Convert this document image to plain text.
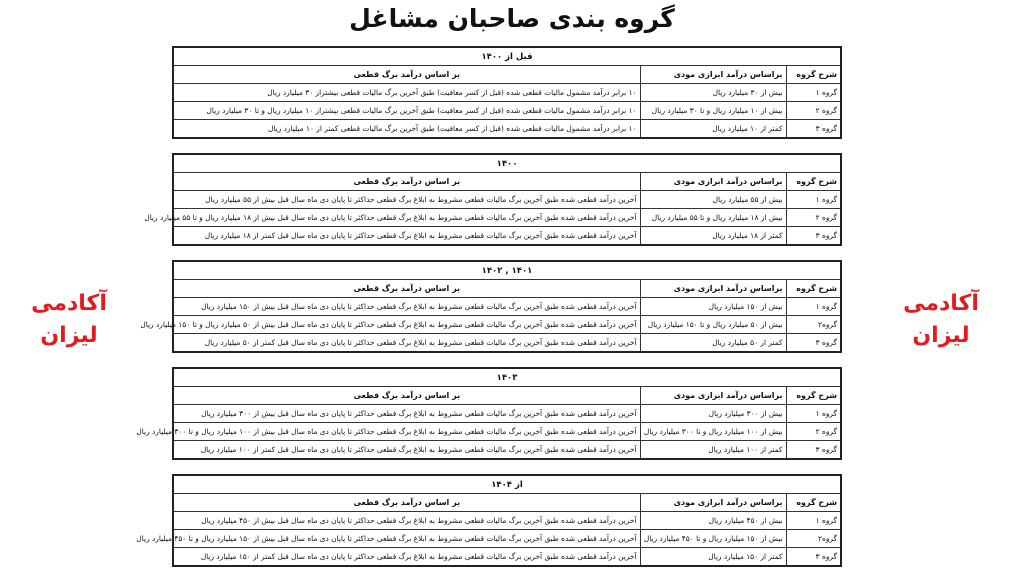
گروه بندی صاحبان مشاغل
آکادمی
لیزان
آکادمی
لیزان
قبل از ۱۴۰۰		
شرح گروه	براساس درآمد ابرازی مودی	بر اساس درآمد برگ قطعی
گروه ۱	بیش از ۳۰ میلیارد ریال	۱۰ برابر درآمد مشمول مالیات قطعی شده (قبل از کسر معافیت) طبق آخرین برگ مالیات قطعی بیشتراز ۳۰ میلیارد ریال
گروه ۲	بیش از ۱۰ میلیارد ریال و تا ۳۰ میلیارد ریال	۱۰ برابر درآمد مشمول مالیات قطعی شده (قبل از کسر معافیت) طبق آخرین برگ مالیات قطعی بیشتراز ۱۰ میلیارد ریال و تا ۳۰ میلیارد ریال
گروه ۳	کمتر از ۱۰ میلیارد ریال	۱۰ برابر درآمد مشمول مالیات قطعی شده (قبل از کسر معافیت) طبق آخرین برگ مالیات قطعی کمتر از ۱۰ میلیارد ریال
۱۴۰۰		
شرح گروه	براساس درآمد ابرازی مودی	بر اساس درآمد برگ قطعی
گروه ۱	بیش از ۵۵ میلیارد ریال	آخرین درآمد قطعی شده طبق آخرین برگ مالیات قطعی مشروط به ابلاغ برگ قطعی حداکثر تا پایان دی ماه سال قبل بیش از ۵۵ میلیارد ریال
گروه ۲	بیش از ۱۸ میلیارد ریال و تا ۵۵ میلیارد ریال	آخرین درآمد قطعی شده طبق آخرین برگ مالیات قطعی مشروط به ابلاغ برگ قطعی حداکثر تا پایان دی ماه سال قبل بیش از ۱۸ میلیارد ریال و تا ۵۵ میلیارد ریال
گروه ۳	کمتر از ۱۸ میلیارد ریال	آخرین درآمد قطعی شده طبق آخرین برگ مالیات قطعی مشروط به ابلاغ برگ قطعی حداکثر تا پایان دی ماه سال قبل کمتر از ۱۸ میلیارد ریال
۱۴۰۱ , ۱۴۰۲		
شرح گروه	براساس درآمد ابرازی مودی	بر اساس درآمد برگ قطعی
گروه ۱	بیش از ۱۵۰ میلیارد ریال	آخرین درآمد قطعی شده طبق آخرین برگ مالیات قطعی مشروط به ابلاغ برگ قطعی حداکثر تا پایان دی ماه سال قبل بیش از ۱۵۰ میلیارد ریال
گروه۲	بیش از ۵۰ میلیارد ریال و تا ۱۵۰ میلیارد ریال	آخرین درآمد قطعی شده طبق آخرین برگ مالیات قطعی مشروط به ابلاغ برگ قطعی حداکثر تا پایان دی ماه سال قبل بیش از ۵۰ میلیارد ریال و تا ۱۵۰ میلیارد ریال
گروه ۳	کمتر از ۵۰ میلیارد ریال	آخرین درآمد قطعی شده طبق آخرین برگ مالیات قطعی مشروط به ابلاغ برگ قطعی حداکثر تا پایان دی ماه سال قبل کمتر از ۵۰ میلیارد ریال
۱۴۰۳		
شرح گروه	براساس درآمد ابرازی مودی	بر اساس درآمد برگ قطعی
گروه ۱	بیش از ۳۰۰ میلیارد ریال	آخرین درآمد قطعی شده طبق آخرین برگ مالیات قطعی مشروط به ابلاغ برگ قطعی حداکثر تا پایان دی ماه سال قبل بیش از ۳۰۰ میلیارد ریال
گروه ۲	بیش از ۱۰۰ میلیارد ریال و تا ۳۰۰ میلیارد ریال	آخرین درآمد قطعی شده طبق آخرین برگ مالیات قطعی مشروط به ابلاغ برگ قطعی حداکثر تا پایان دی ماه سال قبل بیش از ۱۰۰ میلیارد ریال و تا ۳۰۰ میلیارد ریال
گروه ۳	کمتر از ۱۰۰ میلیارد ریال	آخرین درآمد قطعی شده طبق آخرین برگ مالیات قطعی مشروط به ابلاغ برگ قطعی حداکثر تا پایان دی ماه سال قبل کمتر از ۱۰۰ میلیارد ریال
از ۱۴۰۴		
شرح گروه	براساس درآمد ابرازی مودی	بر اساس درآمد برگ قطعی
گروه ۱	بیش از ۴۵۰ میلیارد ریال	آخرین درآمد قطعی شده طبق آخرین برگ مالیات قطعی مشروط به ابلاغ برگ قطعی حداکثر تا پایان دی ماه سال قبل بیش از ۴۵۰ میلیارد ریال
گروه۲	بیش از ۱۵۰ میلیارد ریال و تا ۴۵۰ میلیارد ریال	آخرین درآمد قطعی شده طبق آخرین برگ مالیات قطعی مشروط به ابلاغ برگ قطعی حداکثر تا پایان دی ماه سال قبل بیش از ۱۵۰ میلیارد ریال و تا ۴۵۰ میلیارد ریال
گروه ۳	کمتر از ۱۵۰ میلیارد ریال	آخرین درآمد قطعی شده طبق آخرین برگ مالیات قطعی مشروط به ابلاغ برگ قطعی حداکثر تا پایان دی ماه سال قبل کمتر از ۱۵۰ میلیارد ریال
